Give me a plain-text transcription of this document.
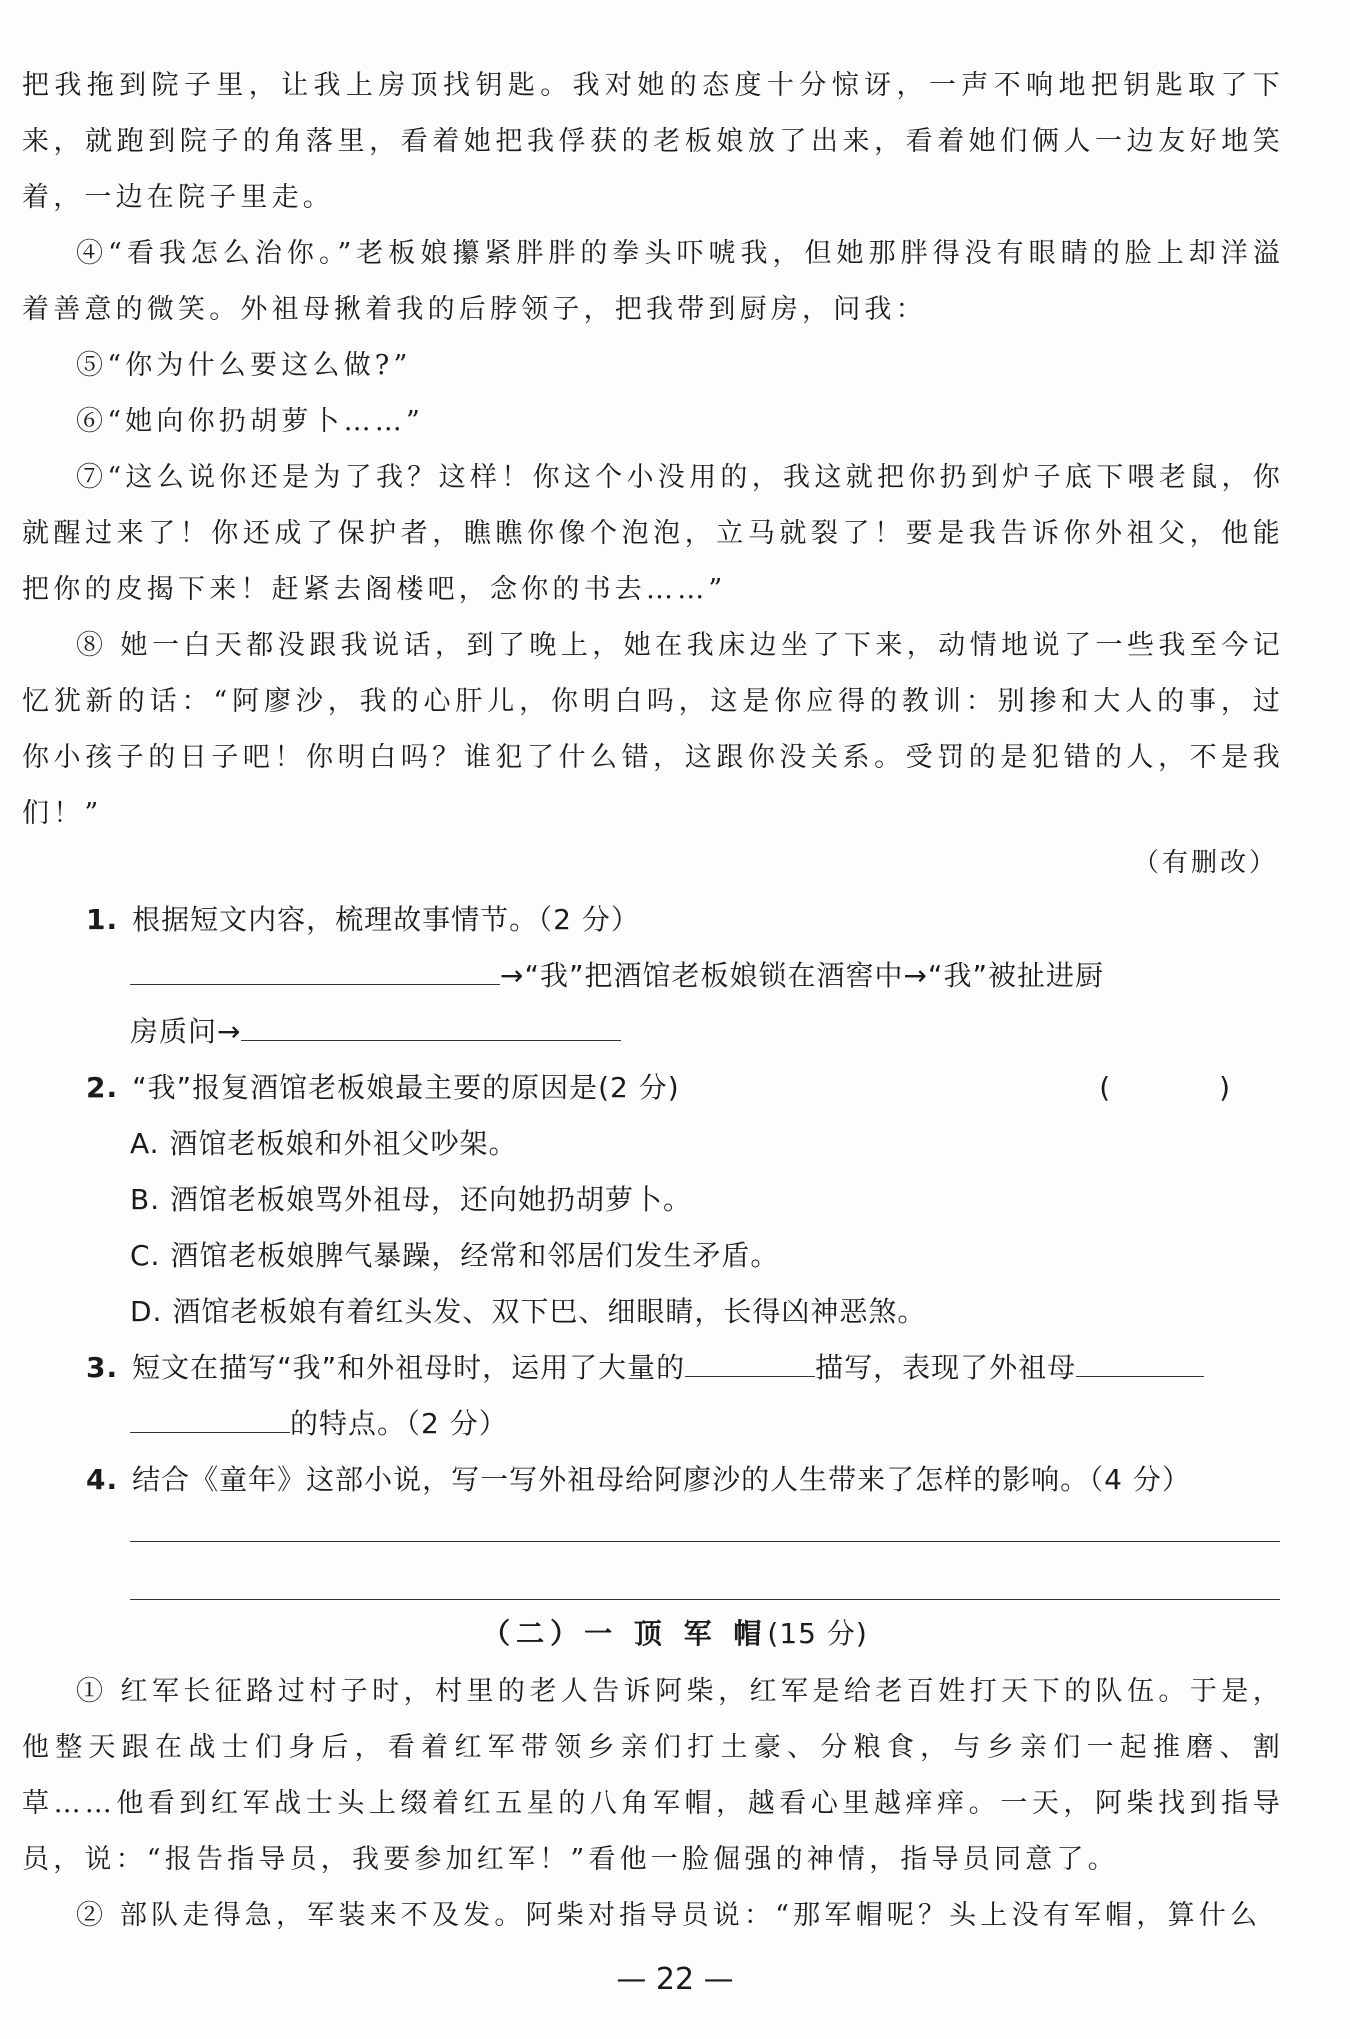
把我拖到院子里，让我上房顶找钥匙。我对她的态度十分惊讶，一声不响地把钥匙取了下来，就跑到院子的角落里，看着她把我俘获的老板娘放了出来，看着她们俩人一边友好地笑着，一边在院子里走。

④“看我怎么治你。”老板娘攥紧胖胖的拳头吓唬我，但她那胖得没有眼睛的脸上却洋溢着善意的微笑。外祖母揪着我的后脖领子，把我带到厨房，问我：

⑤“你为什么要这么做?”

⑥“她向你扔胡萝卜……”

⑦“这么说你还是为了我？这样！你这个小没用的，我这就把你扔到炉子底下喂老鼠，你就醒过来了！你还成了保护者，瞧瞧你像个泡泡，立马就裂了！要是我告诉你外祖父，他能把你的皮揭下来！赶紧去阁楼吧，念你的书去……”

⑧ 她一白天都没跟我说话，到了晚上，她在我床边坐了下来，动情地说了一些我至今记忆犹新的话：“阿廖沙，我的心肝儿，你明白吗，这是你应得的教训：别掺和大人的事，过你小孩子的日子吧！你明白吗？谁犯了什么错，这跟你没关系。受罚的是犯错的人，不是我们！”

（有删改）
1. 根据短文内容，梳理故事情节。（2 分）
→“我”把酒馆老板娘锁在酒窖中→“我”被扯进厨
房质问→
2. “我”报复酒馆老板娘最主要的原因是(2 分)	( )
A. 酒馆老板娘和外祖父吵架。
B. 酒馆老板娘骂外祖母，还向她扔胡萝卜。
C. 酒馆老板娘脾气暴躁，经常和邻居们发生矛盾。
D. 酒馆老板娘有着红头发、双下巴、细眼睛，长得凶神恶煞。
3. 短文在描写“我”和外祖母时，运用了大量的	描写，表现了外祖母
的特点。（2 分）
4. 结合《童年》这部小说，写一写外祖母给阿廖沙的人生带来了怎样的影响。（4 分）
（二）一 顶 军 帽(15 分)

① 红军长征路过村子时，村里的老人告诉阿柴，红军是给老百姓打天下的队伍。于是，他整天跟在战士们身后，看着红军带领乡亲们打土豪、分粮食，与乡亲们一起推磨、割草……他看到红军战士头上缀着红五星的八角军帽，越看心里越痒痒。一天，阿柴找到指导员，说：“报告指导员，我要参加红军！”看他一脸倔强的神情，指导员同意了。

② 部队走得急，军装来不及发。阿柴对指导员说：“那军帽呢？头上没有军帽，算什么

— 22 —
